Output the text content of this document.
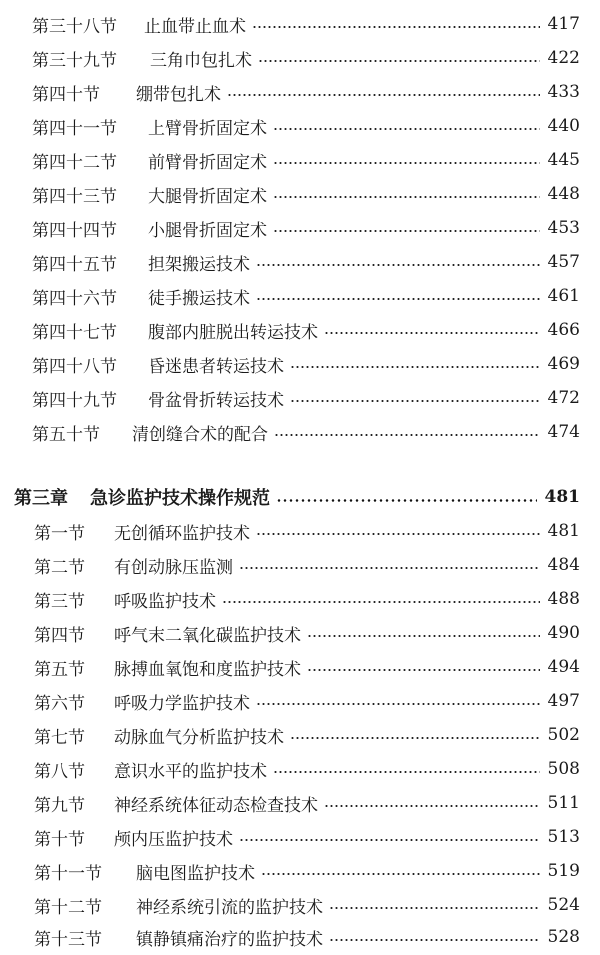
第三十八节	止血带止血术	417
第三十九节	三角巾包扎术	422
第四十节	绷带包扎术	433
第四十一节	上臂骨折固定术	440
第四十二节	前臂骨折固定术	445
第四十三节	大腿骨折固定术	448
第四十四节	小腿骨折固定术	453
第四十五节	担架搬运技术	457
第四十六节	徒手搬运技术	461
第四十七节	腹部内脏脱出转运技术	466
第四十八节	昏迷患者转运技术	469
第四十九节	骨盆骨折转运技术	472
第五十节	清创缝合术的配合	474
第三章	急诊监护技术操作规范	481
第一节	无创循环监护技术	481
第二节	有创动脉压监测	484
第三节	呼吸监护技术	488
第四节	呼气末二氧化碳监护技术	490
第五节	脉搏血氧饱和度监护技术	494
第六节	呼吸力学监护技术	497
第七节	动脉血气分析监护技术	502
第八节	意识水平的监护技术	508
第九节	神经系统体征动态检查技术	511
第十节	颅内压监护技术	513
第十一节	脑电图监护技术	519
第十二节	神经系统引流的监护技术	524
第十三节	镇静镇痛治疗的监护技术	528
